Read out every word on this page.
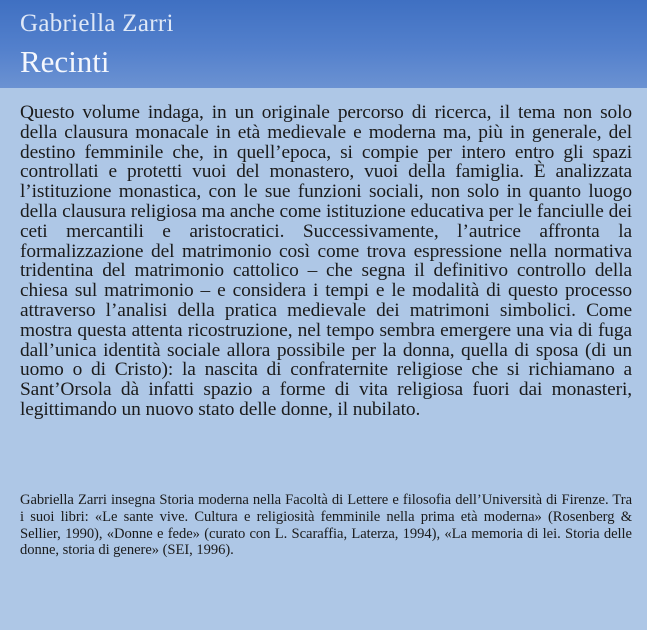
Gabriella Zarri
Recinti
Questo volume indaga, in un originale percorso di ricerca, il tema non solo della clausura monacale in età medievale e moderna ma, più in generale, del destino femminile che, in quell’epoca, si compie per intero entro gli spazi controllati e protetti vuoi del monastero, vuoi della famiglia. È analizzata l’istituzione monastica, con le sue funzioni sociali, non solo in quanto luogo della clausura religiosa ma anche come istituzione educativa per le fanciulle dei ceti mercantili e aristocratici. Successivamente, l’autrice affronta la formalizzazione del matrimonio così come trova espressione nella normativa tridentina del matrimonio cattolico – che segna il definitivo controllo della chiesa sul matrimonio – e considera i tempi e le modalità di questo processo attraverso l’analisi della pratica medievale dei matrimoni simbolici. Come mostra questa attenta ricostruzione, nel tempo sembra emergere una via di fuga dall’unica identità sociale allora possibile per la donna, quella di sposa (di un uomo o di Cristo): la nascita di confraternite religiose che si richiamano a Sant’Orsola dà infatti spazio a forme di vita religiosa fuori dai monasteri, legittimando un nuovo stato delle donne, il nubilato.
Gabriella Zarri insegna Storia moderna nella Facoltà di Lettere e filosofia dell’Università di Firenze. Tra i suoi libri: «Le sante vive. Cultura e religiosità femminile nella prima età moderna» (Rosenberg & Sellier, 1990), «Donne e fede» (curato con L. Scaraffia, Laterza, 1994), «La memoria di lei. Storia delle donne, storia di genere» (SEI, 1996).
